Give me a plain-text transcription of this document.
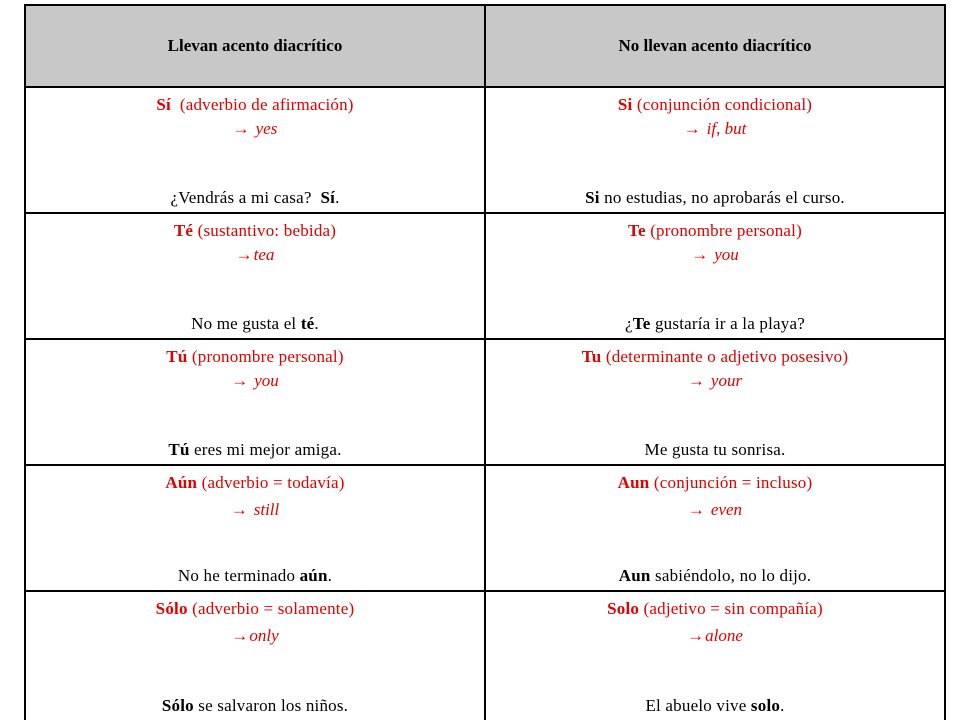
Llevan acento diacrítico	No llevan acento diacrítico
Sí  (adverbio de afirmación)
→ yes
¿Vendrás a mi casa?  Sí.
Si (conjunción condicional)
→ if, but
Si no estudias, no aprobarás el curso.
Té (sustantivo: bebida)
→tea
No me gusta el té.
Te (pronombre personal)
→ you
¿Te gustaría ir a la playa?
Tú (pronombre personal)
→ you
Tú eres mi mejor amiga.
Tu (determinante o adjetivo posesivo)
→ your
Me gusta tu sonrisa.
Aún (adverbio = todavía)
→ still
No he terminado aún.
Aun (conjunción = incluso)
→ even
Aun sabiéndolo, no lo dijo.
Sólo (adverbio = solamente)
→only
Sólo se salvaron los niños.
Solo (adjetivo = sin compañía)
→alone
El abuelo vive solo.
